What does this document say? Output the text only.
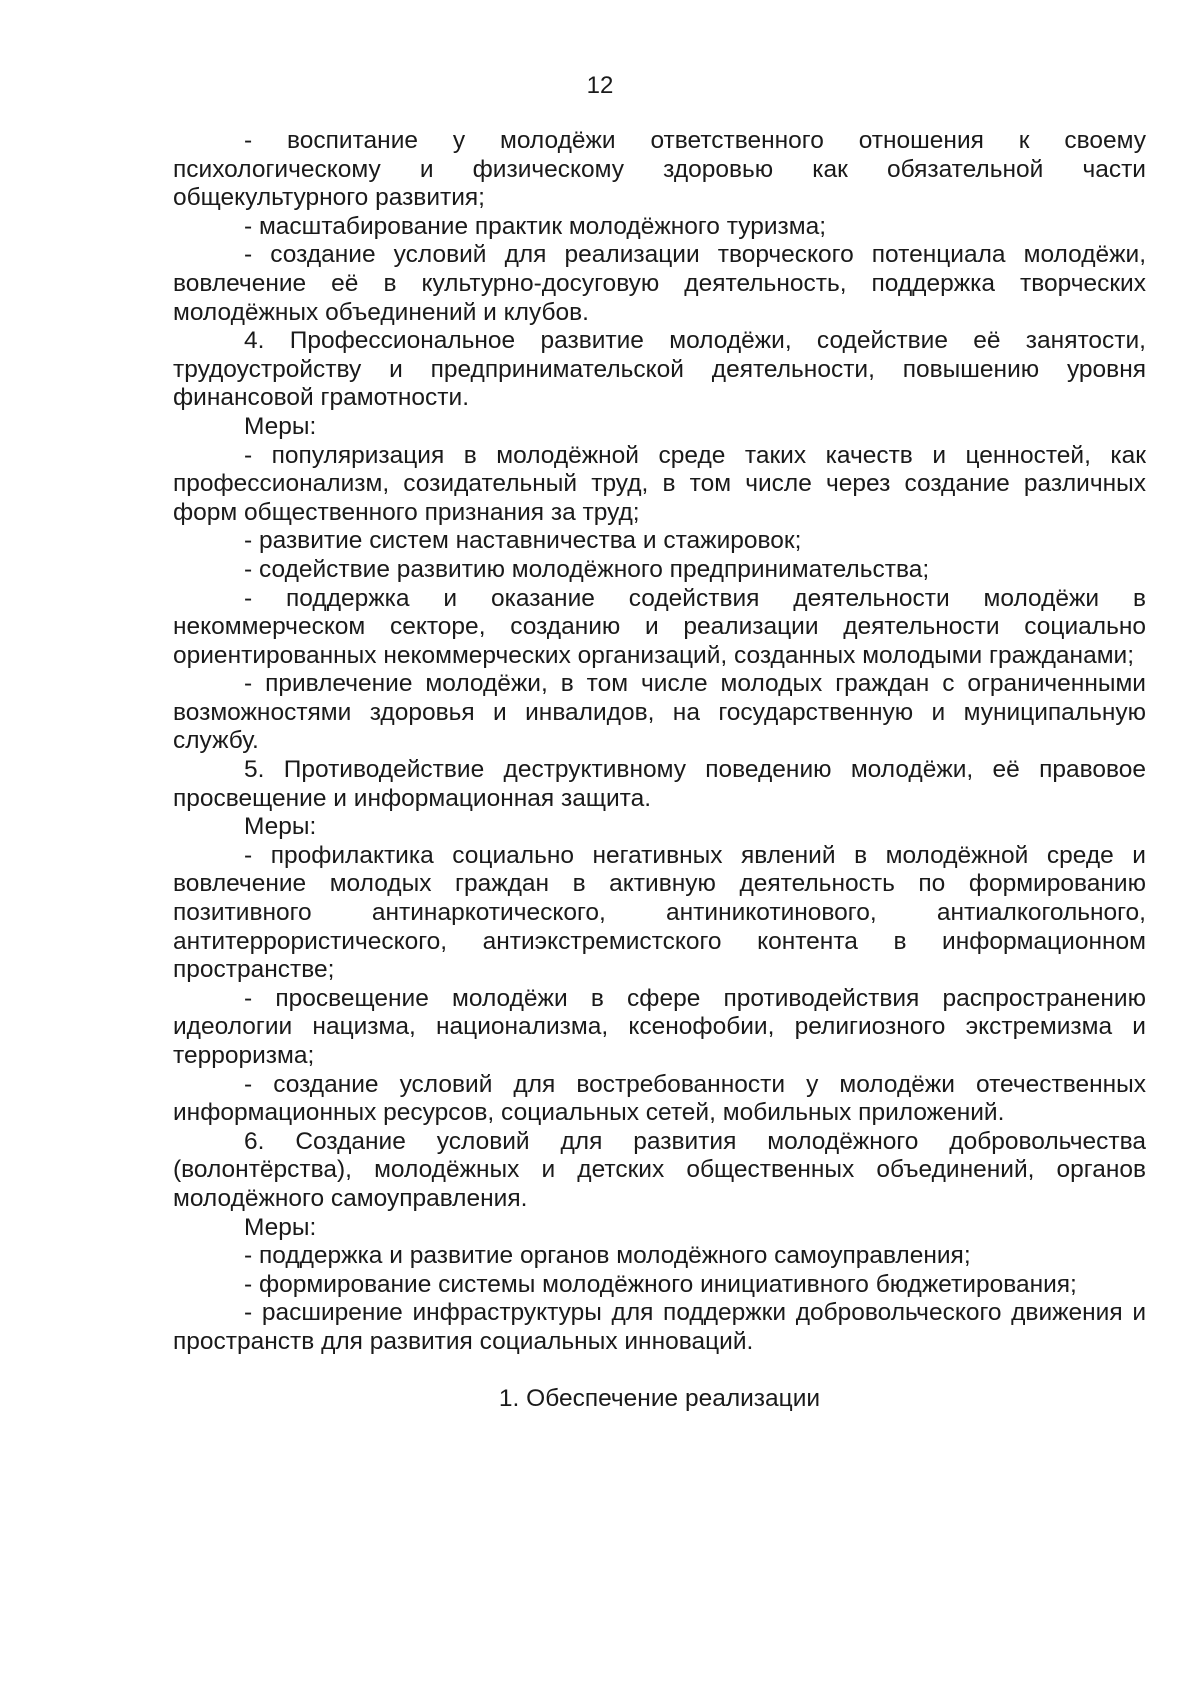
12

- воспитание у молодёжи ответственного отношения к своему психологическому и физическому здоровью как обязательной части общекультурного развития;

- масштабирование практик молодёжного туризма;

- создание условий для реализации творческого потенциала молодёжи, вовлечение её в культурно-досуговую деятельность, поддержка творческих молодёжных объединений и клубов.

4. Профессиональное развитие молодёжи, содействие её занятости, трудоустройству и предпринимательской деятельности, повышению уровня финансовой грамотности.

Меры:

- популяризация в молодёжной среде таких качеств и ценностей, как профессионализм, созидательный труд, в том числе через создание различных форм общественного признания за труд;

- развитие систем наставничества и стажировок;

- содействие развитию молодёжного предпринимательства;

- поддержка и оказание содействия деятельности молодёжи в некоммерческом секторе, созданию и реализации деятельности социально ориентированных некоммерческих организаций, созданных молодыми гражданами;

- привлечение молодёжи, в том числе молодых граждан с ограниченными возможностями здоровья и инвалидов, на государственную и муниципальную службу.

5. Противодействие деструктивному поведению молодёжи, её правовое просвещение и информационная защита.

Меры:

- профилактика социально негативных явлений в молодёжной среде и вовлечение молодых граждан в активную деятельность по формированию позитивного антинаркотического, антиникотинового, антиалкогольного, антитеррористического, антиэкстремистского контента в информационном пространстве;

- просвещение молодёжи в сфере противодействия распространению идеологии нацизма, национализма, ксенофобии, религиозного экстремизма и терроризма;

- создание условий для востребованности у молодёжи отечественных информационных ресурсов, социальных сетей, мобильных приложений.

6. Создание условий для развития молодёжного добровольчества (волонтёрства), молодёжных и детских общественных объединений, органов молодёжного самоуправления.

Меры:

- поддержка и развитие органов молодёжного самоуправления;

- формирование системы молодёжного инициативного бюджетирования;

- расширение инфраструктуры для поддержки добровольческого движения и пространств для развития социальных инноваций.

1. Обеспечение реализации
